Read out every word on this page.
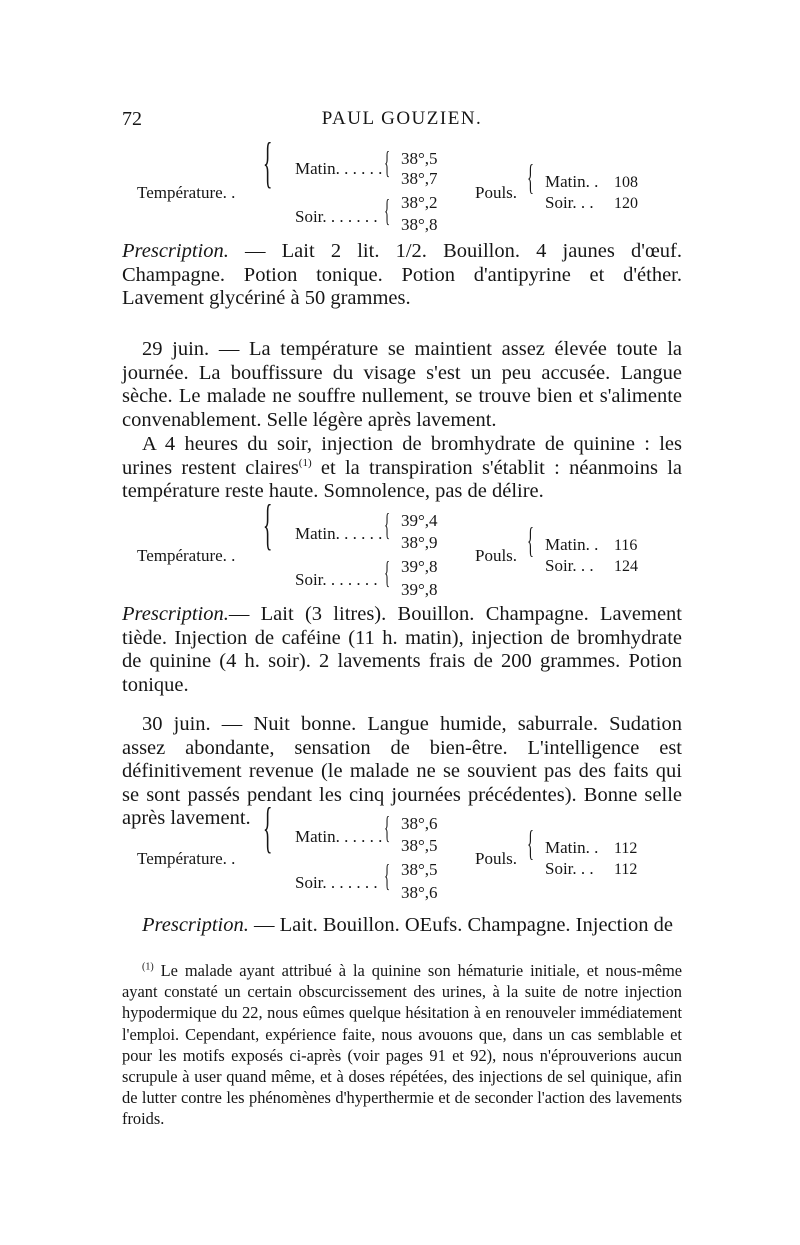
72	PAUL GOUZIEN.
Température. . { Matin. . . . . .
Soir. . . . . . .
{
{
38°,5
38°,7
38°,2
38°,8
Pouls. { Matin. . 108
Soir. . . 120

Prescription. — Lait 2 lit. 1/2. Bouillon. 4 jaunes d'œuf. Champagne. Potion tonique. Potion d'antipyrine et d'éther. Lavement glycériné à 50 grammes.

29 juin. — La température se maintient assez élevée toute la journée. La bouffissure du visage s'est un peu accusée. Langue sèche. Le malade ne souffre nullement, se trouve bien et s'alimente convenablement. Selle légère après lavement.

A 4 heures du soir, injection de bromhydrate de quinine : les urines restent claires$^{(1)}$ et la transpiration s'établit : néanmoins la température reste haute. Somnolence, pas de délire.

Température. . { Matin. . . . . .
Soir. . . . . . .
{
{
39°,4
38°,9
39°,8
39°,8
Pouls. { Matin. . 116
Soir. . . 124

Prescription.— Lait (3 litres). Bouillon. Champagne. Lavement tiède. Injection de caféine (11 h. matin), injection de bromhydrate de quinine (4 h. soir). 2 lavements frais de 200 grammes. Potion tonique.

30 juin. — Nuit bonne. Langue humide, saburrale. Sudation assez abondante, sensation de bien-être. L'intelligence est définitivement revenue (le malade ne se souvient pas des faits qui se sont passés pendant les cinq journées précédentes). Bonne selle après lavement.

Température. . { Matin. . . . . .
Soir. . . . . . .
{
{
38°,6
38°,5
38°,5
38°,6
Pouls. { Matin. . 112
Soir. . . 112

Prescription. — Lait. Bouillon. OEufs. Champagne. Injection de

$^{(1)}$ Le malade ayant attribué à la quinine son hématurie initiale, et nous-même ayant constaté un certain obscurcissement des urines, à la suite de notre injection hypodermique du 22, nous eûmes quelque hésitation à en renouveler immédiatement l'emploi. Cependant, expérience faite, nous avouons que, dans un cas semblable et pour les motifs exposés ci-après (voir pages 91 et 92), nous n'éprouverions aucun scrupule à user quand même, et à doses répétées, des injections de sel quinique, afin de lutter contre les phénomènes d'hyperthermie et de seconder l'action des lavements froids.
